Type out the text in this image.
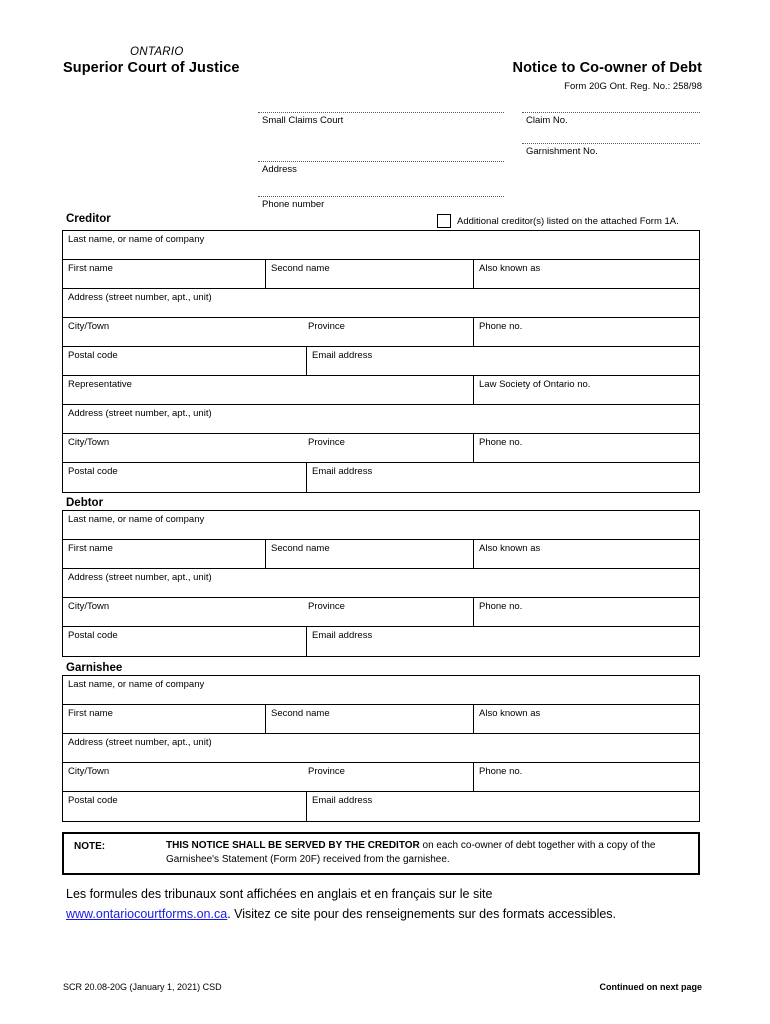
ONTARIO
Superior Court of Justice	Notice to Co-owner of Debt
Form 20G Ont. Reg. No.: 258/98
Small Claims Court
Address
Phone number
Claim No.
Garnishment No.
Creditor	Additional creditor(s) listed on the attached Form 1A.
Last name, or name of company
First name	Second name	Also known as
Address (street number, apt., unit)
City/Town	Province	Phone no.
Postal code	Email address
Representative	Law Society of Ontario no.
Address (street number, apt., unit)
City/Town	Province	Phone no.
Postal code	Email address
Debtor
Last name, or name of company
First name	Second name	Also known as
Address (street number, apt., unit)
City/Town	Province	Phone no.
Postal code	Email address
Garnishee
Last name, or name of company
First name	Second name	Also known as
Address (street number, apt., unit)
City/Town	Province	Phone no.
Postal code	Email address
NOTE:	THIS NOTICE SHALL BE SERVED BY THE CREDITOR on each co-owner of debt together with a copy of the Garnishee's Statement (Form 20F) received from the garnishee.
Les formules des tribunaux sont affichées en anglais et en français sur le site
www.ontariocourtforms.on.ca. Visitez ce site pour des renseignements sur des formats accessibles.
SCR 20.08-20G (January 1, 2021) CSD	Continued on next page
